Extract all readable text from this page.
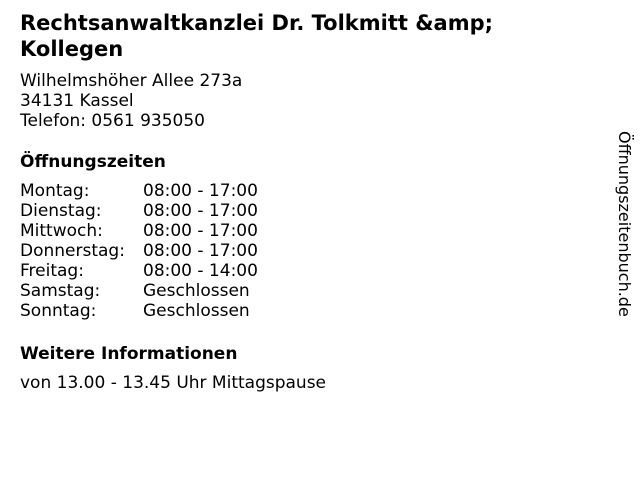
Rechtsanwaltkanzlei Dr. Tolkmitt &amp; Kollegen
Wilhelmshöher Allee 273a
34131 Kassel
Telefon: 0561 935050
Öffnungszeiten
Montag:	08:00 - 17:00
Dienstag:	08:00 - 17:00
Mittwoch:	08:00 - 17:00
Donnerstag:	08:00 - 17:00
Freitag:	08:00 - 14:00
Samstag:	Geschlossen
Sonntag:	Geschlossen
Weitere Informationen
von 13.00 - 13.45 Uhr Mittagspause
Öffnungszeitenbuch.de
